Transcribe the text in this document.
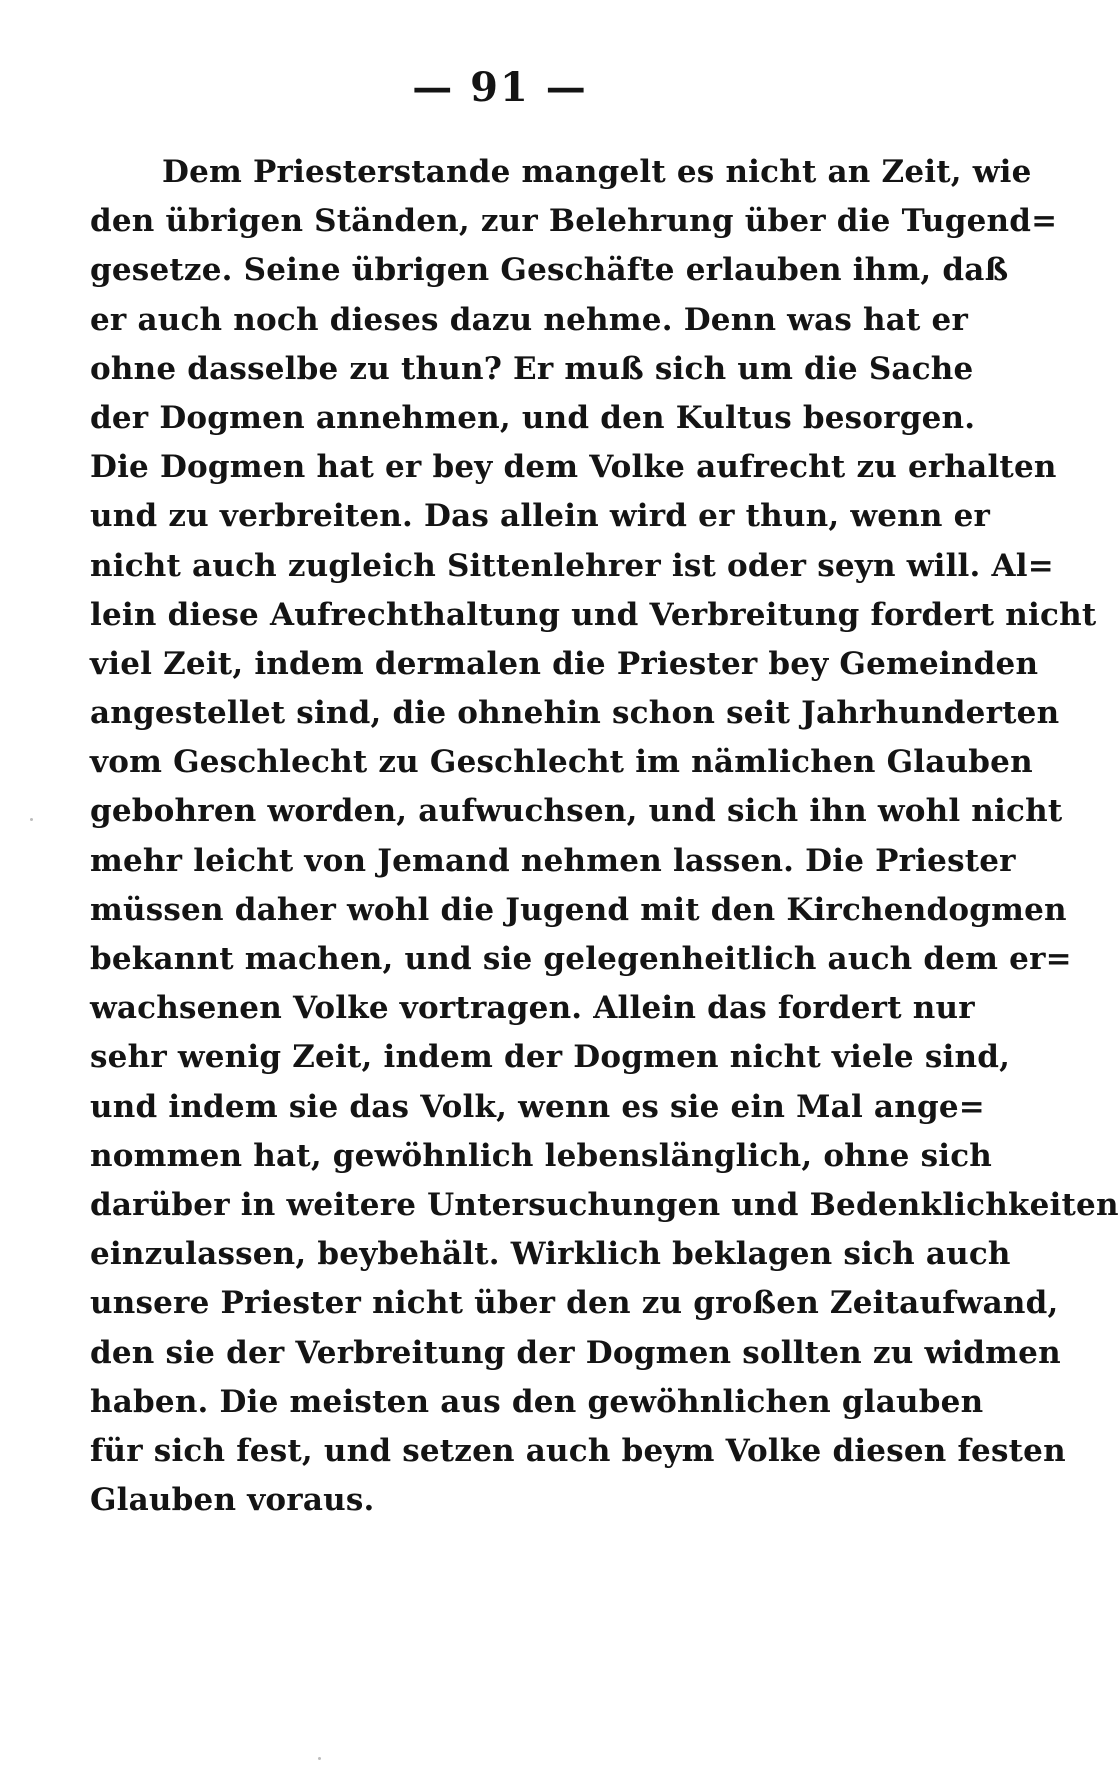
— 91 —
Dem Priesterstande mangelt es nicht an Zeit, wie
den übrigen Ständen, zur Belehrung über die Tugend=
gesetze. Seine übrigen Geschäfte erlauben ihm, daß
er auch noch dieses dazu nehme. Denn was hat er
ohne dasselbe zu thun? Er muß sich um die Sache
der Dogmen annehmen, und den Kultus besorgen.
Die Dogmen hat er bey dem Volke aufrecht zu erhalten
und zu verbreiten. Das allein wird er thun, wenn er
nicht auch zugleich Sittenlehrer ist oder seyn will. Al=
lein diese Aufrechthaltung und Verbreitung fordert nicht
viel Zeit, indem dermalen die Priester bey Gemeinden
angestellet sind, die ohnehin schon seit Jahrhunderten
vom Geschlecht zu Geschlecht im nämlichen Glauben
gebohren worden, aufwuchsen, und sich ihn wohl nicht
mehr leicht von Jemand nehmen lassen. Die Priester
müssen daher wohl die Jugend mit den Kirchendogmen
bekannt machen, und sie gelegenheitlich auch dem er=
wachsenen Volke vortragen. Allein das fordert nur
sehr wenig Zeit, indem der Dogmen nicht viele sind,
und indem sie das Volk, wenn es sie ein Mal ange=
nommen hat, gewöhnlich lebenslänglich, ohne sich
darüber in weitere Untersuchungen und Bedenklichkeiten
einzulassen, beybehält. Wirklich beklagen sich auch
unsere Priester nicht über den zu großen Zeitaufwand,
den sie der Verbreitung der Dogmen sollten zu widmen
haben. Die meisten aus den gewöhnlichen glauben
für sich fest, und setzen auch beym Volke diesen festen
Glauben voraus.
